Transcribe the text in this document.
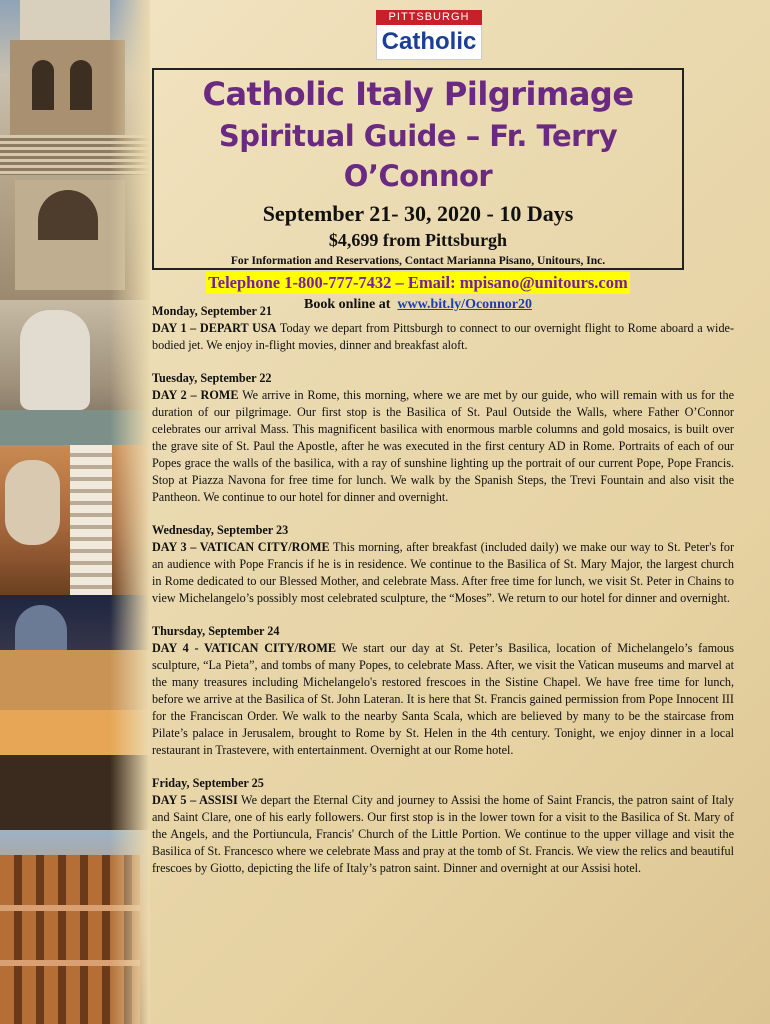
PITTSBURGH
Catholic
Catholic Italy Pilgrimage
Spiritual Guide – Fr. Terry O’Connor
September 21- 30, 2020 - 10 Days
$4,699 from Pittsburgh
For Information and Reservations, Contact Marianna Pisano, Unitours, Inc.
Telephone 1-800-777-7432 – Email: mpisano@unitours.com
Book online at www.bit.ly/Oconnor20
Monday, September 21
DAY 1 – DEPART USA Today we depart from Pittsburgh to connect to our overnight flight to Rome aboard a wide-bodied jet. We enjoy in-flight movies, dinner and breakfast aloft.
Tuesday, September 22
DAY 2 – ROME We arrive in Rome, this morning, where we are met by our guide, who will remain with us for the duration of our pilgrimage. Our first stop is the Basilica of St. Paul Outside the Walls, where Father O’Connor celebrates our arrival Mass. This magnificent basilica with enormous marble columns and gold mosaics, is built over the grave site of St. Paul the Apostle, after he was executed in the first century AD in Rome. Portraits of each of our Popes grace the walls of the basilica, with a ray of sunshine lighting up the portrait of our current Pope, Pope Francis. Stop at Piazza Navona for free time for lunch. We walk by the Spanish Steps, the Trevi Fountain and also visit the Pantheon. We continue to our hotel for dinner and overnight.
Wednesday, September 23
DAY 3 – VATICAN CITY/ROME This morning, after breakfast (included daily) we make our way to St. Peter's for an audience with Pope Francis if he is in residence. We continue to the Basilica of St. Mary Major, the largest church in Rome dedicated to our Blessed Mother, and celebrate Mass. After free time for lunch, we visit St. Peter in Chains to view Michelangelo’s possibly most celebrated sculpture, the “Moses”. We return to our hotel for dinner and overnight.
Thursday, September 24
DAY 4 - VATICAN CITY/ROME We start our day at St. Peter’s Basilica, location of Michelangelo’s famous sculpture, “La Pieta”, and tombs of many Popes, to celebrate Mass. After, we visit the Vatican museums and marvel at the many treasures including Michelangelo's restored frescoes in the Sistine Chapel. We have free time for lunch, before we arrive at the Basilica of St. John Lateran. It is here that St. Francis gained permission from Pope Innocent III for the Franciscan Order. We walk to the nearby Santa Scala, which are believed by many to be the staircase from Pilate’s palace in Jerusalem, brought to Rome by St. Helen in the 4th century. Tonight, we enjoy dinner in a local restaurant in Trastevere, with entertainment. Overnight at our Rome hotel.
Friday, September 25
DAY 5 – ASSISI We depart the Eternal City and journey to Assisi the home of Saint Francis, the patron saint of Italy and Saint Clare, one of his early followers. Our first stop is in the lower town for a visit to the Basilica of St. Mary of the Angels, and the Portiuncula, Francis' Church of the Little Portion. We continue to the upper village and visit the Basilica of St. Francesco where we celebrate Mass and pray at the tomb of St. Francis. We view the relics and beautiful frescoes by Giotto, depicting the life of Italy’s patron saint. Dinner and overnight at our Assisi hotel.
